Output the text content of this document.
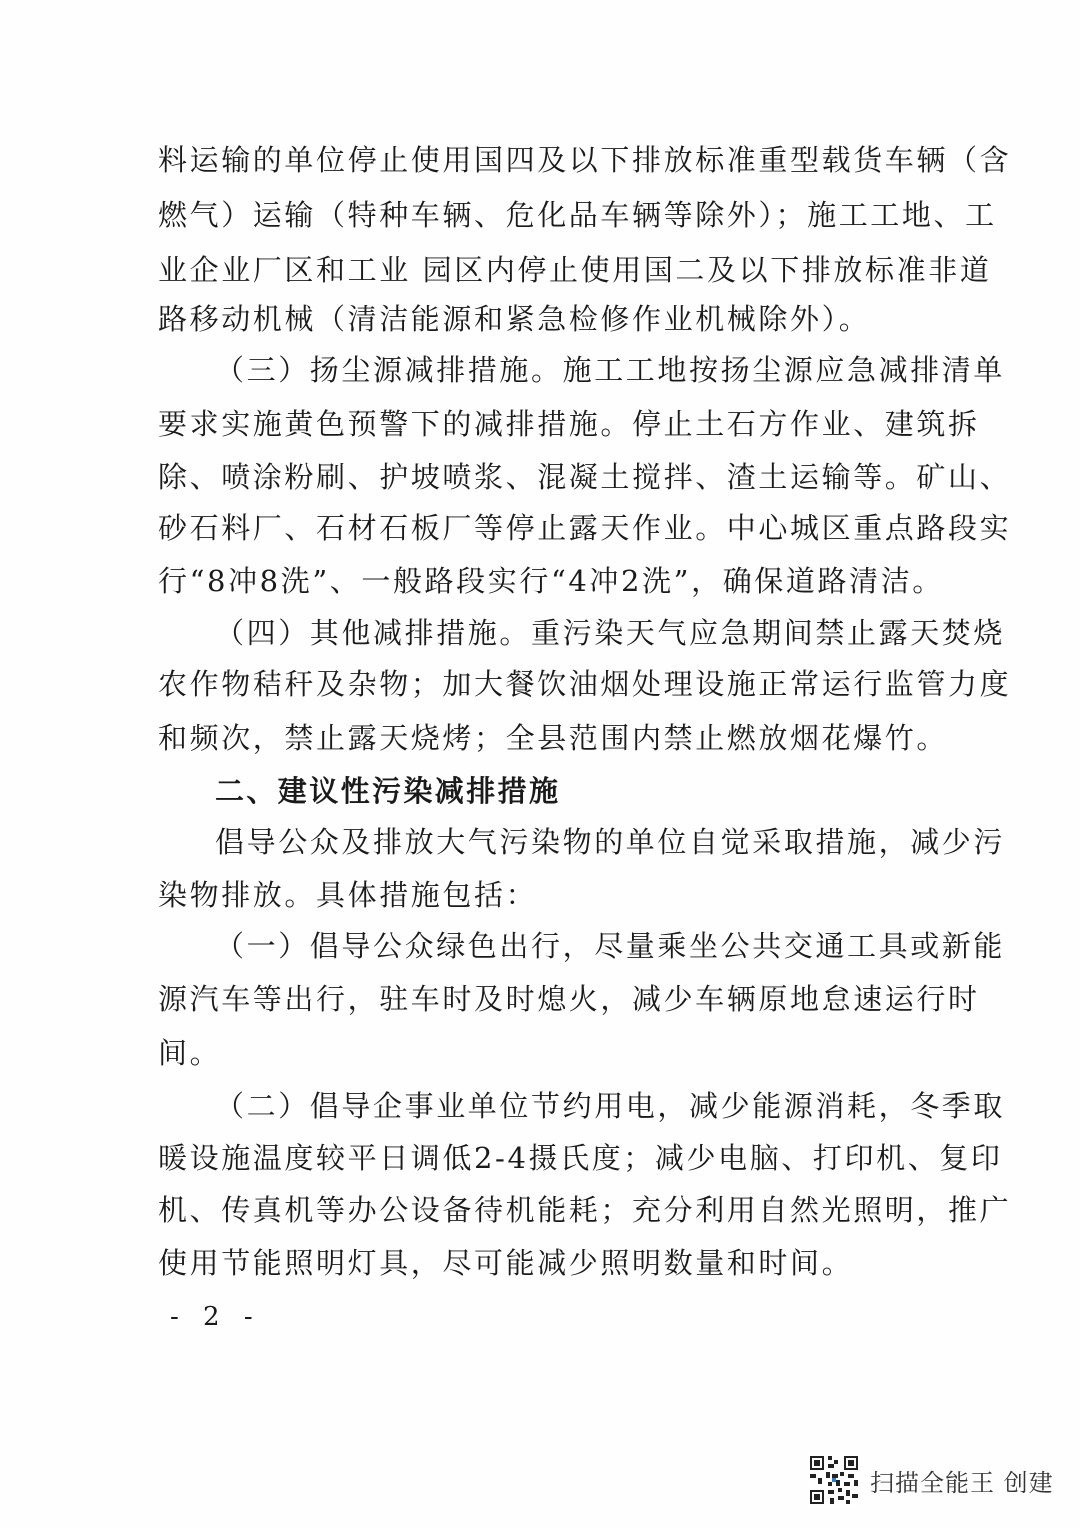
料运输的单位停止使用国四及以下排放标准重型载货车辆（含
燃气）运输（特种车辆、危化品车辆等除外）；施工工地、工
业企业厂区和工业 园区内停止使用国二及以下排放标准非道
路移动机械（清洁能源和紧急检修作业机械除外）。
（三）扬尘源减排措施。施工工地按扬尘源应急减排清单
要求实施黄色预警下的减排措施。停止土石方作业、建筑拆
除、喷涂粉刷、护坡喷浆、混凝土搅拌、渣土运输等。矿山、
砂石料厂、石材石板厂等停止露天作业。中心城区重点路段实
行“8冲8洗”、一般路段实行“4冲2洗”，确保道路清洁。
（四）其他减排措施。重污染天气应急期间禁止露天焚烧
农作物秸秆及杂物；加大餐饮油烟处理设施正常运行监管力度
和频次，禁止露天烧烤；全县范围内禁止燃放烟花爆竹。
二、建议性污染减排措施
倡导公众及排放大气污染物的单位自觉采取措施，减少污
染物排放。具体措施包括：
（一）倡导公众绿色出行，尽量乘坐公共交通工具或新能
源汽车等出行，驻车时及时熄火，减少车辆原地怠速运行时
间。
（二）倡导企事业单位节约用电，减少能源消耗，冬季取
暖设施温度较平日调低2-4摄氏度；减少电脑、打印机、复印
机、传真机等办公设备待机能耗；充分利用自然光照明，推广
使用节能照明灯具，尽可能减少照明数量和时间。
- 2 -
扫描全能王 创建
